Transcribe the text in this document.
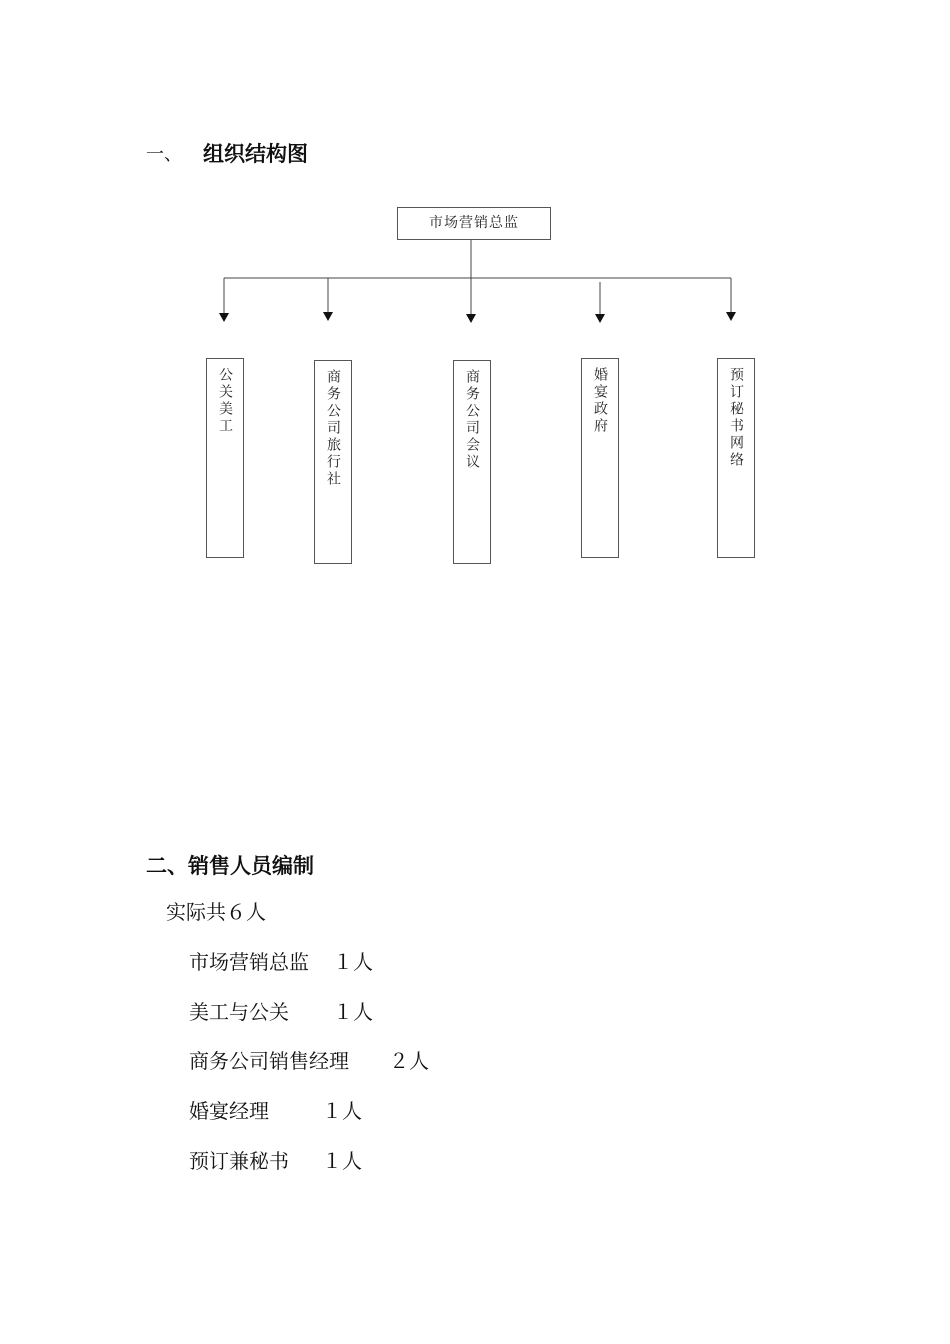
一、 组织结构图
市场营销总监
公关美工	商务公司旅行社	商务公司会议	婚宴政府	预订秘书网络
二、销售人员编制
实际共６人
市场营销总监 １人
美工与公关 １人
商务公司销售经理 ２人
婚宴经理	１人
预订兼秘书 １人
